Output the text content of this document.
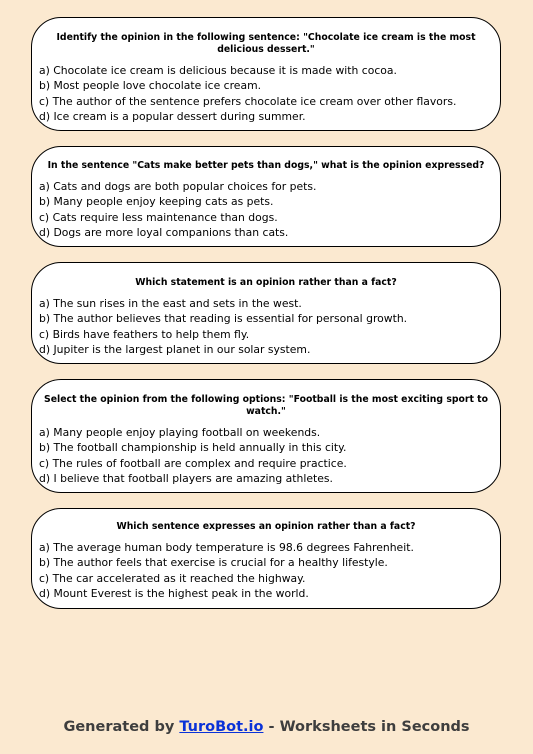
Identify the opinion in the following sentence: "Chocolate ice cream is the most delicious dessert."

a) Chocolate ice cream is delicious because it is made with cocoa.
b) Most people love chocolate ice cream.
c) The author of the sentence prefers chocolate ice cream over other flavors.
d) Ice cream is a popular dessert during summer.

In the sentence "Cats make better pets than dogs," what is the opinion expressed?

a) Cats and dogs are both popular choices for pets.
b) Many people enjoy keeping cats as pets.
c) Cats require less maintenance than dogs.
d) Dogs are more loyal companions than cats.

Which statement is an opinion rather than a fact?

a) The sun rises in the east and sets in the west.
b) The author believes that reading is essential for personal growth.
c) Birds have feathers to help them fly.
d) Jupiter is the largest planet in our solar system.

Select the opinion from the following options: "Football is the most exciting sport to watch."

a) Many people enjoy playing football on weekends.
b) The football championship is held annually in this city.
c) The rules of football are complex and require practice.
d) I believe that football players are amazing athletes.

Which sentence expresses an opinion rather than a fact?

a) The average human body temperature is 98.6 degrees Fahrenheit.
b) The author feels that exercise is crucial for a healthy lifestyle.
c) The car accelerated as it reached the highway.
d) Mount Everest is the highest peak in the world.
Generated by TuroBot.io - Worksheets in Seconds
